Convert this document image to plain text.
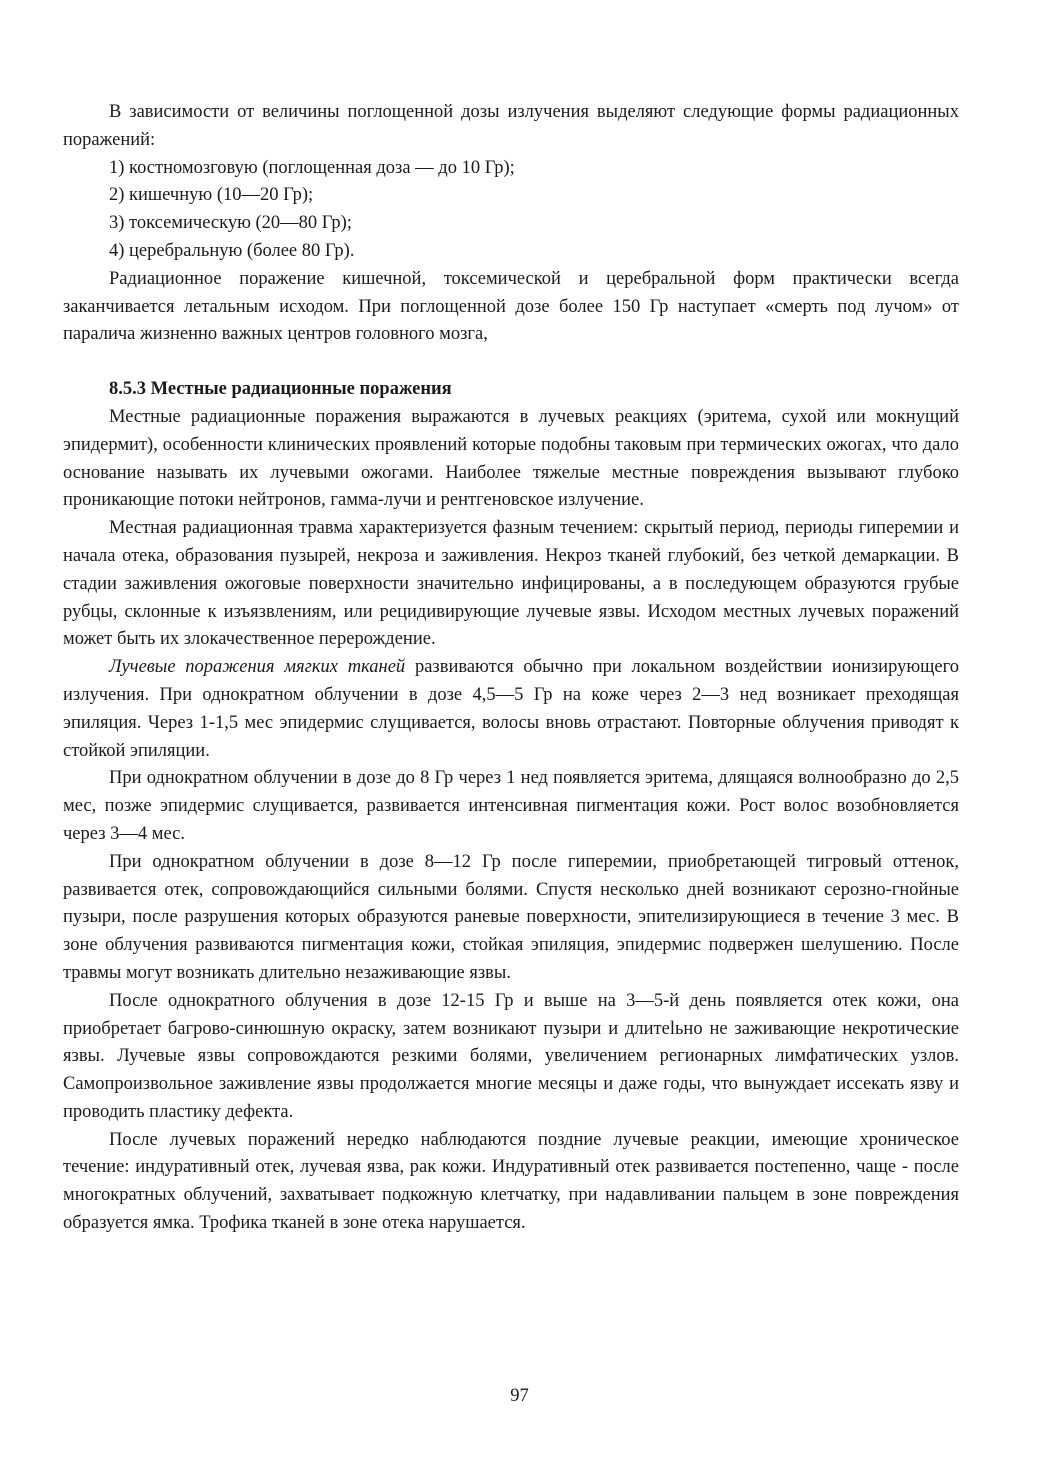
В зависимости от величины поглощенной дозы излучения выделяют следующие формы радиационных поражений:

1) костномозговую (поглощенная доза — до 10 Гр);
2) кишечную (10—20 Гр);
3) токсемическую (20—80 Гр);
4) церебральную (более 80 Гр).

Радиационное поражение кишечной, токсемической и церебральной форм практически всегда заканчивается летальным исходом. При поглощенной дозе более 150 Гр наступает «смерть под лучом» от паралича жизненно важных центров головного мозга,

8.5.3 Местные радиационные поражения

Местные радиационные поражения выражаются в лучевых реакциях (эритема, сухой или мокнущий эпидермит), особенности клинических проявлений которые подобны таковым при термических ожогах, что дало основание называть их лучевыми ожогами. Наиболее тяжелые местные повреждения вызывают глубоко проникающие потоки нейтронов, гамма-лучи и рентгеновское излучение.

Местная радиационная травма характеризуется фазным течением: скрытый период, периоды гиперемии и начала отека, образования пузырей, некроза и заживления. Некроз тканей глубокий, без четкой демаркации. В стадии заживления ожоговые поверхности значительно инфицированы, а в последующем образуются грубые рубцы, склонные к изъязвлениям, или рецидивирующие лучевые язвы. Исходом местных лучевых поражений может быть их злокачественное перерождение.

Лучевые поражения мягких тканей развиваются обычно при локальном воздействии ионизирующего излучения. При однократном облучении в дозе 4,5—5 Гр на коже через 2—3 нед возникает преходящая эпиляция. Через 1-1,5 мес эпидермис слущивается, волосы вновь отрастают. Повторные облучения приводят к стойкой эпиляции.

При однократном облучении в дозе до 8 Гр через 1 нед появляется эритема, длящаяся волнообразно до 2,5 мес, позже эпидермис слущивается, развивается интенсивная пигментация кожи. Рост волос возобновляется через 3—4 мес.

При однократном облучении в дозе 8—12 Гр после гиперемии, приобретающей тигровый оттенок, развивается отек, сопровождающийся сильными болями. Спустя несколько дней возникают серозно-гнойные пузыри, после разрушения которых образуются раневые поверхности, эпителизирующиеся в течение 3 мес. В зоне облучения развиваются пигментация кожи, стойкая эпиляция, эпидермис подвержен шелушению. После травмы могут возникать длительно незаживающие язвы.

После однократного облучения в дозе 12-15 Гр и выше на 3—5-й день появляется отек кожи, она приобретает багрово-синюшную окраску, затем возникают пузыри и длитеlьно не заживающие некротические язвы. Лучевые язвы сопровождаются резкими болями, увеличением регионарных лимфатических узлов. Самопроизвольное заживление язвы продолжается многие месяцы и даже годы, что вынуждает иссекать язву и проводить пластику дефекта.

После лучевых поражений нередко наблюдаются поздние лучевые реакции, имеющие хроническое течение: индуративный отек, лучевая язва, рак кожи. Индуративный отек развивается постепенно, чаще - после многократных облучений, захватывает подкожную клетчатку, при надавливании пальцем в зоне повреждения образуется ямка. Трофика тканей в зоне отека нарушается.

97
